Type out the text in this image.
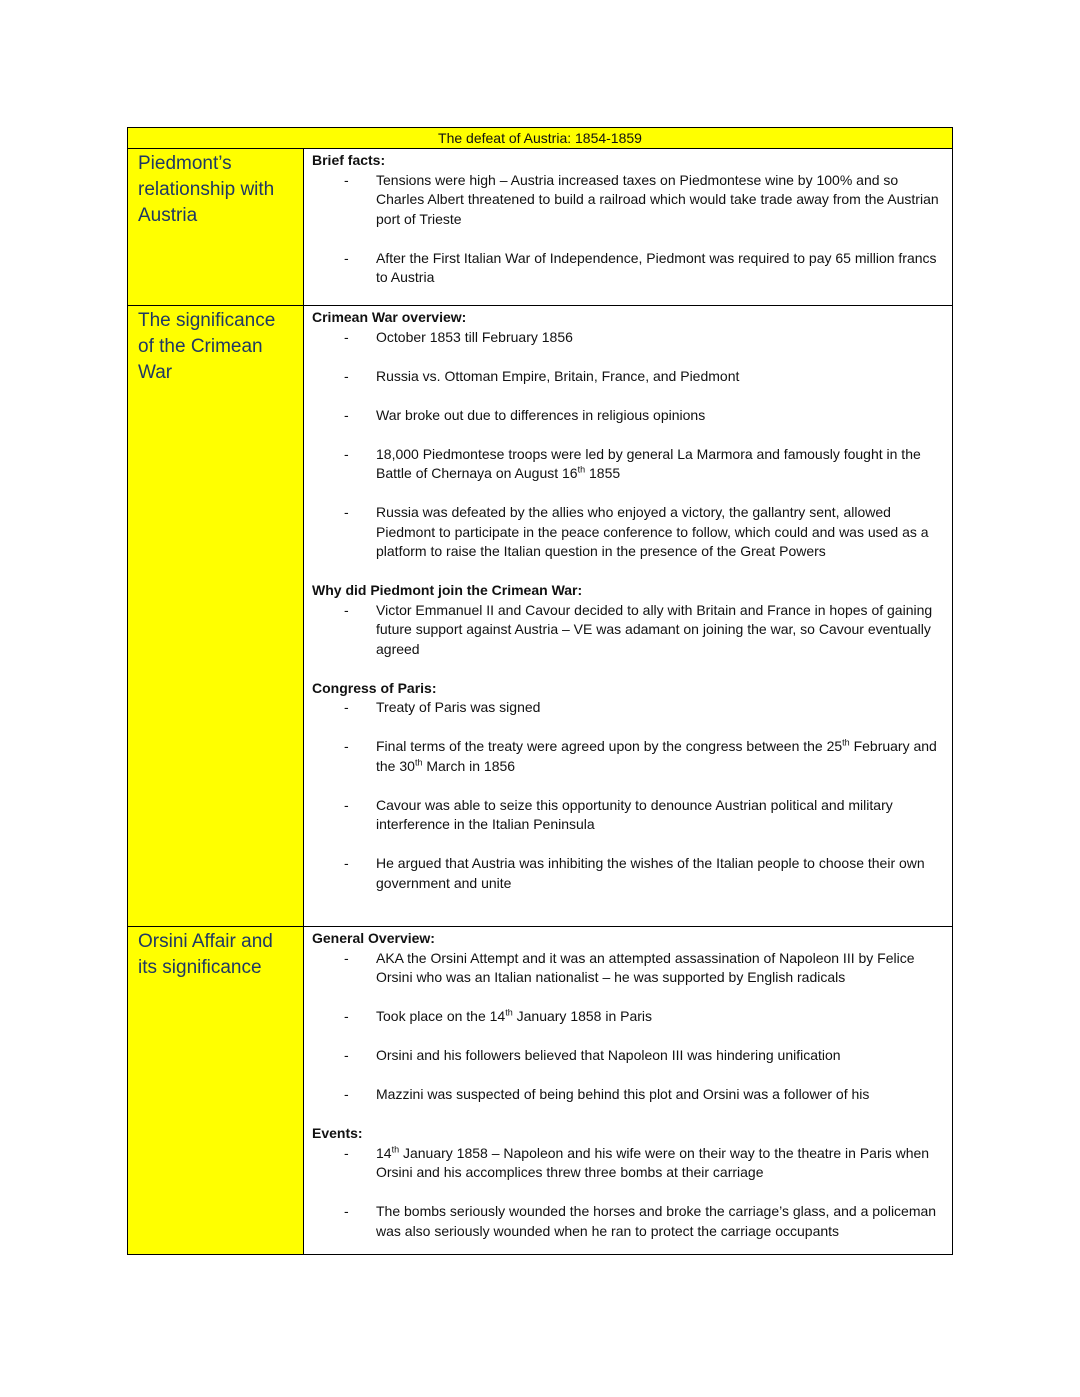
The defeat of Austria: 1854-1859
Piedmont’s relationship with Austria

Brief facts:

- Tensions were high – Austria increased taxes on Piedmontese wine by 100% and so Charles Albert threatened to build a railroad which would take trade away from the Austrian port of Trieste
- After the First Italian War of Independence, Piedmont was required to pay 65 million francs to Austria
The significance of the Crimean War

Crimean War overview:

- October 1853 till February 1856
- Russia vs. Ottoman Empire, Britain, France, and Piedmont
- War broke out due to differences in religious opinions
- 18,000 Piedmontese troops were led by general La Marmora and famously fought in the Battle of Chernaya on August 16th 1855
- Russia was defeated by the allies who enjoyed a victory, the gallantry sent, allowed Piedmont to participate in the peace conference to follow, which could and was used as a platform to raise the Italian question in the presence of the Great Powers

Why did Piedmont join the Crimean War:

- Victor Emmanuel II and Cavour decided to ally with Britain and France in hopes of gaining future support against Austria – VE was adamant on joining the war, so Cavour eventually agreed

Congress of Paris:

- Treaty of Paris was signed
- Final terms of the treaty were agreed upon by the congress between the 25th February and the 30th March in 1856
- Cavour was able to seize this opportunity to denounce Austrian political and military interference in the Italian Peninsula
- He argued that Austria was inhibiting the wishes of the Italian people to choose their own government and unite
Orsini Affair and its significance

General Overview:

- AKA the Orsini Attempt and it was an attempted assassination of Napoleon III by Felice Orsini who was an Italian nationalist – he was supported by English radicals
- Took place on the 14th January 1858 in Paris
- Orsini and his followers believed that Napoleon III was hindering unification
- Mazzini was suspected of being behind this plot and Orsini was a follower of his

Events:

- 14th January 1858 – Napoleon and his wife were on their way to the theatre in Paris when Orsini and his accomplices threw three bombs at their carriage
- The bombs seriously wounded the horses and broke the carriage’s glass, and a policeman was also seriously wounded when he ran to protect the carriage occupants
